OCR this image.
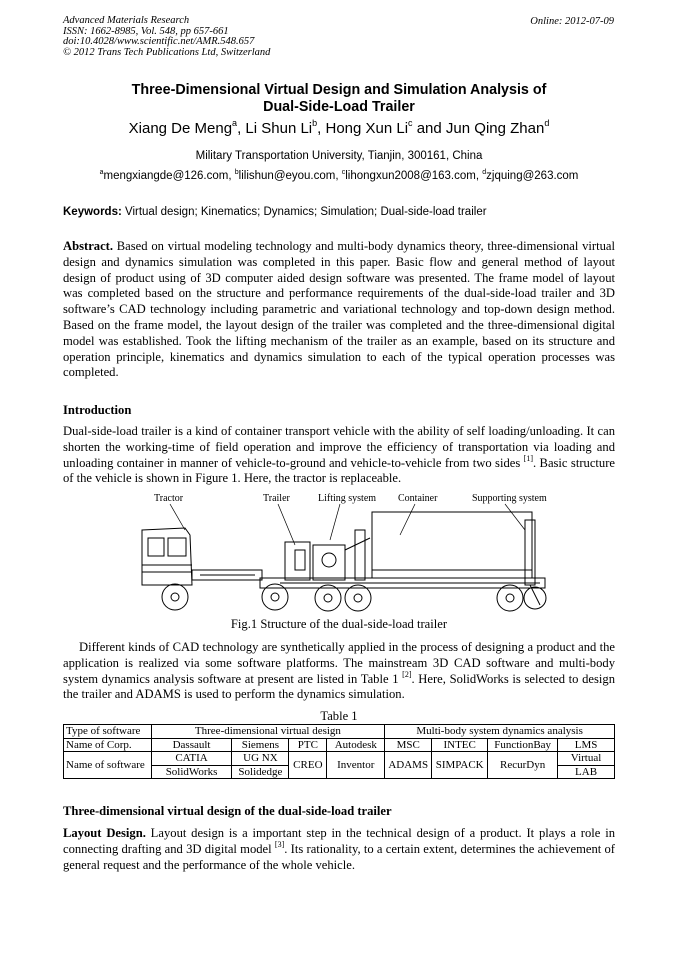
Advanced Materials Research
ISSN: 1662-8985, Vol. 548, pp 657-661
doi:10.4028/www.scientific.net/AMR.548.657
© 2012 Trans Tech Publications Ltd, Switzerland
Online: 2012-07-09
Three-Dimensional Virtual Design and Simulation Analysis of
Dual-Side-Load Trailer
Xiang De Meng$^a$, Li Shun Li$^b$, Hong Xun Li$^c$ and Jun Qing Zhan$^d$
Military Transportation University, Tianjin, 300161, China
$^a$mengxiangde@126.com, $^b$lilishun@eyou.com, $^c$lihongxun2008@163.com, $^d$zjquing@263.com
Keywords: Virtual design; Kinematics; Dynamics; Simulation; Dual-side-load trailer
Abstract. Based on virtual modeling technology and multi-body dynamics theory, three-dimensional virtual design and dynamics simulation was completed in this paper. Basic flow and general method of layout design of product using of 3D computer aided design software was presented. The frame model of layout was completed based on the structure and performance requirements of the dual-side-load trailer and 3D software’s CAD technology including parametric and variational technology and top-down design method. Based on the frame model, the layout design of the trailer was completed and the three-dimensional digital model was established. Took the lifting mechanism of the trailer as an example, based on its structure and operation principle, kinematics and dynamics simulation to each of the typical operation processes was completed.
Introduction
Dual-side-load trailer is a kind of container transport vehicle with the ability of self loading/unloading. It can shorten the working-time of field operation and improve the efficiency of transportation via loading and unloading container in manner of vehicle-to-ground and vehicle-to-vehicle from two sides [1]. Basic structure of the vehicle is shown in Figure 1. Here, the tractor is replaceable.
Tractor	Trailer	Lifting system Container	Supporting system
Fig.1 Structure of the dual-side-load trailer
Different kinds of CAD technology are synthetically applied in the process of designing a product and the application is realized via some software platforms. The mainstream 3D CAD software and multi-body system dynamics analysis software at present are listed in Table 1 [2]. Here, SolidWorks is selected to design the trailer and ADAMS is used to perform the dynamics simulation.
Table 1
Type of software	Three-dimensional virtual design				Multi-body system dynamics analysis			
Name of Corp.	Dassault	Siemens	PTC	Autodesk	MSC	INTEC	FunctionBay	LMS
Name of software	CATIA	UG NX	CREO	Inventor	ADAMS	SIMPACK	RecurDyn	Virtual
	SolidWorks	Solidedge						LAB
Three-dimensional virtual design of the dual-side-load trailer
Layout Design. Layout design is a important step in the technical design of a product. It plays a role in connecting drafting and 3D digital model [3]. Its rationality, to a certain extent, determines the achievement of general request and the performance of the whole vehicle.
